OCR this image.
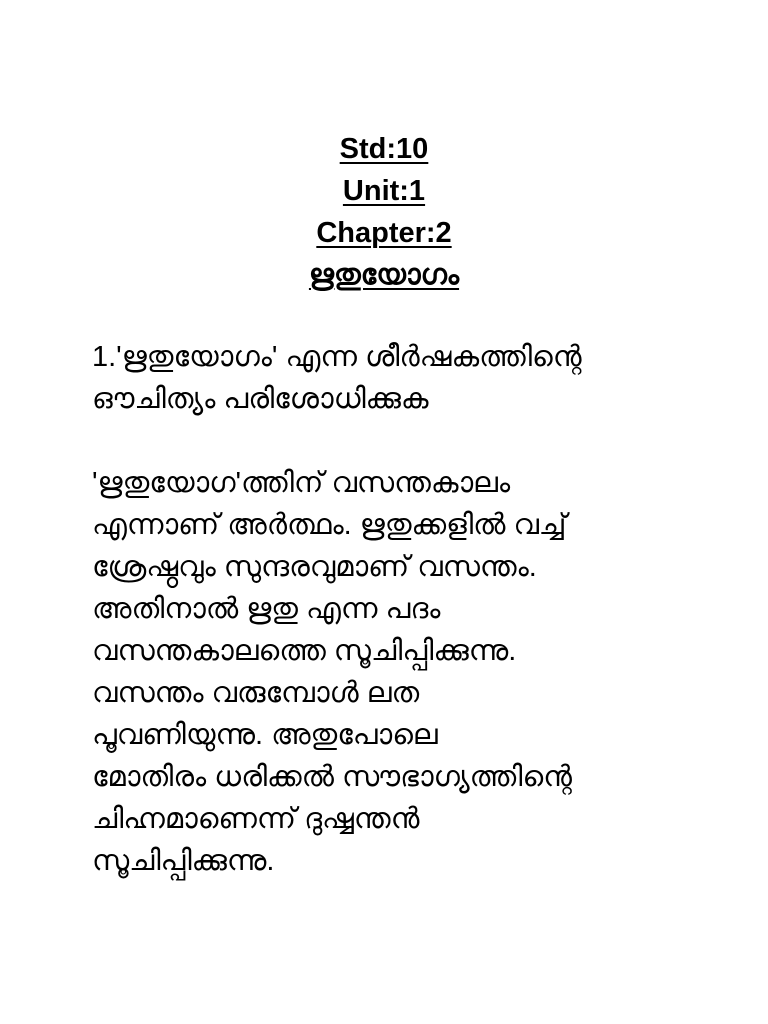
Std:10
Unit:1
Chapter:2
ഋതുയോഗം
1.'ഋതുയോഗം' എന്ന ശീർഷകത്തിന്റെ
ഔചിത്യം പരിശോധിക്കുക
'ഋതുയോഗ'ത്തിന് വസന്തകാലം
എന്നാണ് അർത്ഥം. ഋതുക്കളിൽ വച്ച്
ശ്രേഷ്ഠവും സുന്ദരവുമാണ് വസന്തം.
അതിനാൽ ഋതു എന്ന പദം
വസന്തകാലത്തെ സൂചിപ്പിക്കുന്നു.
വസന്തം വരുമ്പോൾ ലത
പൂവണിയുന്നു. അതുപോലെ
മോതിരം ധരിക്കൽ സൗഭാഗ്യത്തിന്റെ
ചിഹ്നമാണെന്ന് ദുഷ്ഷന്തൻ
സൂചിപ്പിക്കുന്നു.
